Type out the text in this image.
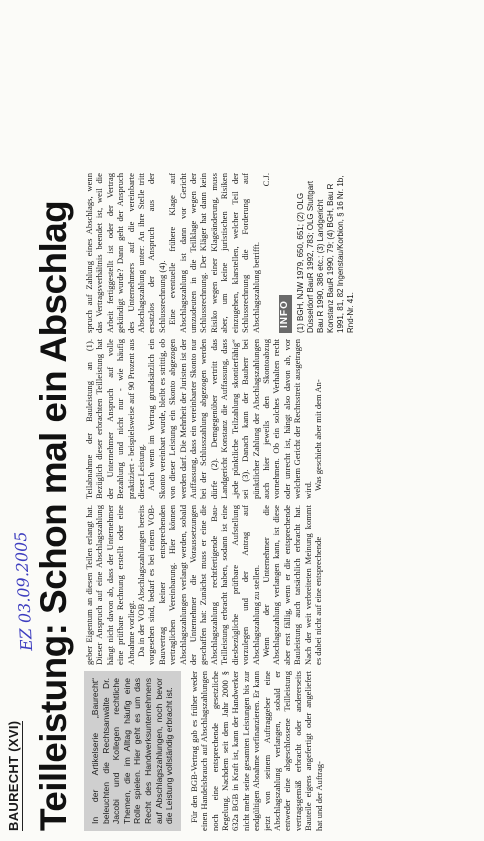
BAURECHT (XVI)
EZ 03.09.2005
Teilleistung: Schon mal ein Abschlag	In der Artikelserie „Baurecht“ beleuchten die Rechtsanwälte Dr. Jacobi und Kollegen rechtliche Themen, die im Alltag häufig eine Rolle spielen. Hier geht es um das Recht des Handwerksunternehmens auf Abschlagszahlungen, noch bevor die Leistung vollständig erbracht ist.	Für den BGB-Vertrag gab es früher weder einen Handelsbrauch auf Abschlagszahlungen noch eine entsprechende gesetzliche Regelung. Nachdem seit dem Jahr 2000 § 632a BGB in Kraft ist, kann der Handwerker nicht mehr seine gesamten Leistungen bis zur endgültigen Abnahme vorfinanzieren. Er kann jetzt von seinem Auftraggeber eine Abschlagszahlung verlangen, sobald er entweder eine abgeschlossene Teilleistung vertragsgemäß erbracht oder andererseits Bauteile eigens angefertigt oder angeliefert hat und der Auftrag-

geber Eigentum an diesen Teilen erlangt hat. Dieser Anspruch auf eine Abschlagszahlung hängt nicht davon ab, dass der Unternehmer eine prüfbare Rechnung erstellt oder eine Abnahme vorliegt. Da in der VOB Abschlagszahlungen bereits vorgesehen sind, bedarf es bei einem VOB-Bauvertrag keiner entsprechenden vertraglichen Vereinbarung. Hier können Abschlagszahlungen verlangt werden, sobald der Unternehmer die Voraussetzungen geschaffen hat: Zunächst muss er eine die Abschlagszahlung rechtfertigende Bau-Teilleistung erbracht haben, sodann ist eine diesbezügliche prüfbare Aufstellung vorzulegen und der Antrag auf Abschlagszahlung zu stellen. Wenn der Unternehmer die Abschlagszahlung verlangen kann, ist diese aber erst fällig, wenn er die entsprechende Bauleistung auch tatsächlich erbracht hat. Nach der weit verbreiteten Meinung kommt es dabei nicht auf eine entsprechende

Teilabnahme der Bauleistung an (1). Bezüglich dieser erbrachten Teilleistung hat der Unternehmer Anspruch auf volle Bezahlung und nicht nur - wie häufig praktiziert - beispielsweise auf 90 Prozent aus dieser Leistung. Auch wenn im Vertrag grundsätzlich ein Skonto vereinbart wurde, bleibt es strittig, ob von dieser Leistung ein Skonto abgezogen werden darf. Die Mehrheit der Juristen ist der Auffassung, dass ein vereinbarter Skonto nur bei der Schlusszahlung abgezogen werden dürfe (2). Demgegenüber vertritt das Landgericht Konstanz die Auffassung, dass „jede pünktliche Teilzahlung skontierfähig“ sei (3). Danach kann der Bauherr bei pünktlicher Zahlung der Abschlagszahlungen auch hier jeweils den Skontoabzug vornehmen. Ob ein solches Verhalten recht oder unrecht ist, hängt also davon ab, vor welchem Gericht der Rechtsstreit ausgetragen wird. Was geschieht aber mit dem An-

spruch auf Zahlung eines Abschlags, wenn das Vertragsverhältnis beendet ist, weil die Arbeit fertiggestellt ist oder der Vertrag gekündigt wurde? Dann geht der Anspruch des Unternehmers auf die vereinbarte Abschlagszahlung unter: An ihre Stelle tritt ersatzlos der Anspruch aus der Schlussrechnung (4). Eine eventuelle frühere Klage auf Abschlagszahlung ist dann vor Gericht umzudeuten in die Teilklage wegen der Schlussrechnung. Der Kläger hat dann kein Risiko wegen einer Klageänderung, muss aber, um keine juristischen Risiken einzugehen, klarstellen, welcher Teil der Schlussrechnung die Forderung auf Abschlagszahlung betrifft.

C.J.

INFO (1) BGH, NJW 1979, 650, 651; (2) OLG Düsseldorf BauR 1992, 783; OLG Stuttgart Bau R 1990, 386 etc.; (3) Landgericht Konstanz BauR 1990, 79; (4) BGH, Bau R 1991, 81, 82 Ingenstau/Korbion, § 16 Nr. 1b, Rnd-Nr. 41.
